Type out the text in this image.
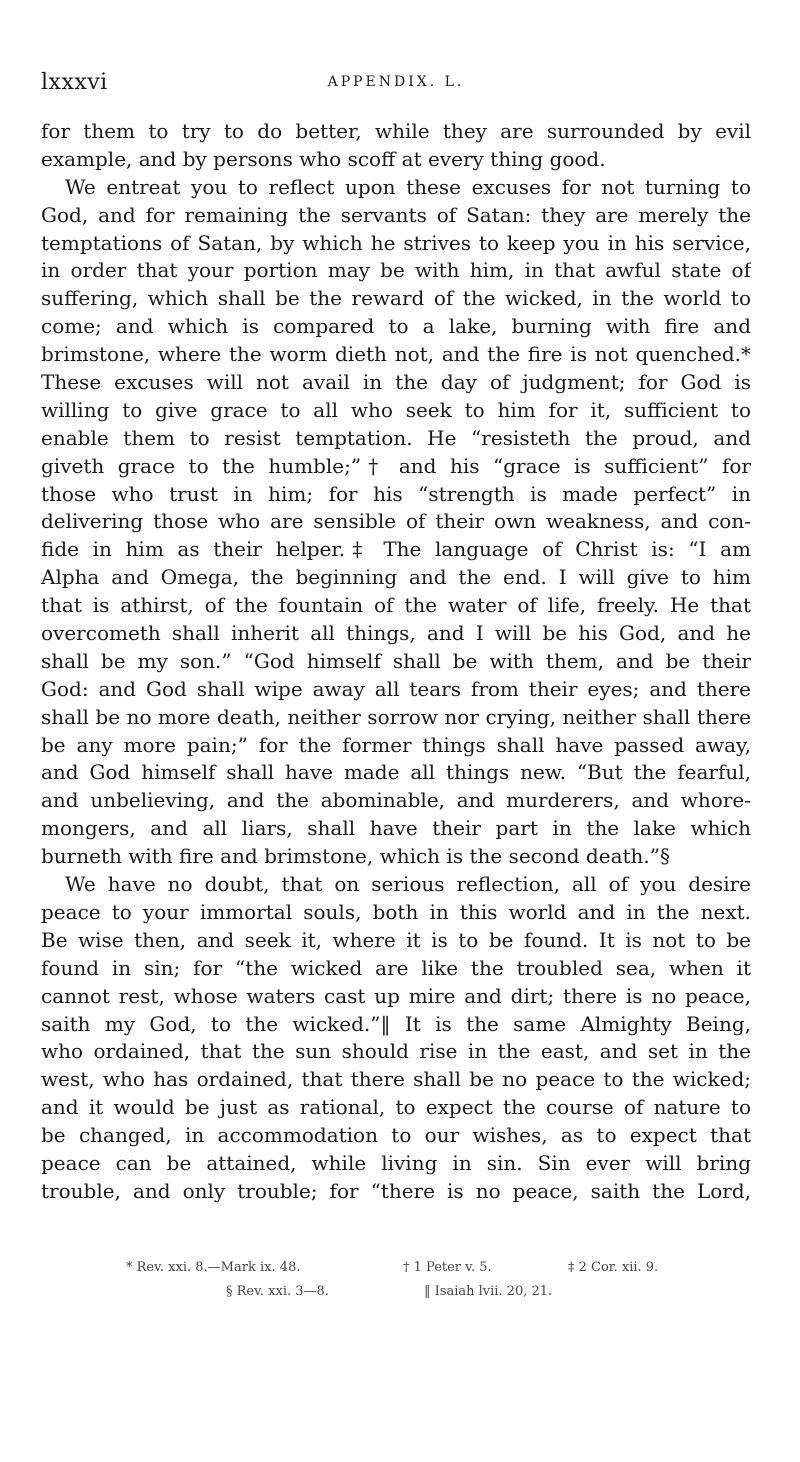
lxxxvi	APPENDIX. L.
for them to try to do better, while they are surrounded by evil
example, and by persons who scoff at every thing good.
We entreat you to reflect upon these excuses for not turning to
God, and for remaining the servants of Satan: they are merely the
temptations of Satan, by which he strives to keep you in his service,
in order that your portion may be with him, in that awful state of
suffering, which shall be the reward of the wicked, in the world to
come; and which is compared to a lake, burning with fire and
brimstone, where the worm dieth not, and the fire is not quenched.*
These excuses will not avail in the day of judgment; for God is
willing to give grace to all who seek to him for it, sufficient to
enable them to resist temptation. He “resisteth the proud, and
giveth grace to the humble;”† and his “grace is sufficient” for
those who trust in him; for his “strength is made perfect” in
delivering those who are sensible of their own weakness, and con-
fide in him as their helper.‡ The language of Christ is: “I am
Alpha and Omega, the beginning and the end. I will give to him
that is athirst, of the fountain of the water of life, freely. He that
overcometh shall inherit all things, and I will be his God, and he
shall be my son.” “God himself shall be with them, and be their
God: and God shall wipe away all tears from their eyes; and there
shall be no more death, neither sorrow nor crying, neither shall there
be any more pain;” for the former things shall have passed away,
and God himself shall have made all things new. “But the fearful,
and unbelieving, and the abominable, and murderers, and whore-
mongers, and all liars, shall have their part in the lake which
burneth with fire and brimstone, which is the second death.”§
We have no doubt, that on serious reflection, all of you desire
peace to your immortal souls, both in this world and in the next.
Be wise then, and seek it, where it is to be found. It is not to be
found in sin; for “the wicked are like the troubled sea, when it
cannot rest, whose waters cast up mire and dirt; there is no peace,
saith my God, to the wicked.”‖ It is the same Almighty Being,
who ordained, that the sun should rise in the east, and set in the
west, who has ordained, that there shall be no peace to the wicked;
and it would be just as rational, to expect the course of nature to
be changed, in accommodation to our wishes, as to expect that
peace can be attained, while living in sin. Sin ever will bring
trouble, and only trouble; for “there is no peace, saith the Lord,
* Rev. xxi. 8.—Mark ix. 48.	† 1 Peter v. 5.	‡ 2 Cor. xii. 9.
§ Rev. xxi. 3—8.	‖ Isaiah lvii. 20, 21.
